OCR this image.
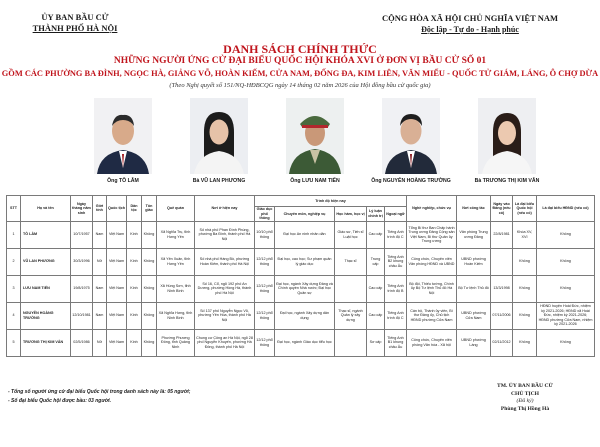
ỦY BAN BẦU CỬ
THÀNH PHỐ HÀ NỘI
CỘNG HÒA XÃ HỘI CHỦ NGHĨA VIỆT NAM
Độc lập - Tự do - Hạnh phúc
DANH SÁCH CHÍNH THỨC
NHỮNG NGƯỜI ỨNG CỬ ĐẠI BIỂU QUỐC HỘI KHÓA XVI Ở ĐƠN VỊ BẦU CỬ SỐ 01
GỒM CÁC PHƯỜNG BA ĐÌNH, NGỌC HÀ, GIẢNG VÕ, HOÀN KIẾM, CỬA NAM, ĐỐNG ĐA, KIM LIÊN, VĂN MIẾU - QUỐC TỬ GIÁM, LÁNG, Ô CHỢ DỪA
(Theo Nghị quyết số 151/NQ-HĐBCQG ngày 14 tháng 02 năm 2026 của Hội đồng bầu cử quốc gia)
Ông TÔ LÂM	Bà VŨ LAN PHƯƠNG	Ông LƯU NAM TIẾN	Ông NGUYỄN HOÀNG TRƯỜNG	Bà TRƯƠNG THỊ KIM VÂN
STT	Họ và tên	Ngày tháng năm sinh	Giới tính	Quốc tịch	Dân tộc	Tôn giáo	Quê quán	Nơi ở hiện nay	Trình độ hiện nay					Nghề nghiệp, chức vụ	Nơi công tác	Ngày vào Đảng (nếu có)	Là đại biểu Quốc hội (nếu có)	Là đại biểu HĐND (nếu có)
									Giáo dục phổ thông	Chuyên môn, nghiệp vụ	Học hàm, học vị	Lý luận chính trị	Ngoại ngữ					
1	TÔ LÂM	10/7/1957	Nam	Việt Nam	Kinh	Không	Xã Nghĩa Trụ, tỉnh Hưng Yên	Số nhà phố Phan Đình Phùng, phường Ba Đình, thành phố Hà Nội	10/10 phổ thông	Đại học An ninh nhân dân	Giáo sư, Tiến sĩ Luật học	Cao cấp	Tiếng Anh trình độ C	Tổng Bí thư Ban Chấp hành Trung ương Đảng Cộng sản Việt Nam, Bí thư Quân ủy Trung ương	Văn phòng Trung ương Đảng	22/8/1981	Khóa XV, XVI	Không
2	VŨ LAN PHƯƠNG	30/3/1996	Nữ	Việt Nam	Kinh	Không	Xã Yên Xuân, tỉnh Hưng Yên	Số nhà phố Hàng Bồ, phường Hoàn Kiếm, thành phố Hà Nội	12/12 phổ thông	Đại học, cao học; Sư phạm quản lý giáo dục	Thạc sĩ	Trung cấp	Tiếng Anh B2 khung châu Âu	Công chức, Chuyên viên Văn phòng HĐND và UBND	UBND phường Hoàn Kiếm		Không	Không
3	LƯU NAM TIẾN	19/8/1975	Nam	Việt Nam	Kinh	Không	Xã Hùng Sơn, tỉnh Ninh Bình	Số 16, Cổ, ngõ 192 phố An Dương, phường Hồng Hà, thành phố Hà Nội	12/12 phổ thông	Đại học, ngành Xây dựng Đảng và Chính quyền Nhà nước; Đại học Quân sự		Cao cấp	Tiếng Anh trình độ B	Bộ đội, Thiếu tướng, Chính ủy Bộ Tư lệnh Thủ đô Hà Nội	Bộ Tư lệnh Thủ đô	13/3/1998	Không	Không
4	NGUYỄN HOÀNG TRƯỜNG	12/10/1981	Nam	Việt Nam	Kinh	Không	Xã Nghĩa Hưng, tỉnh Ninh Bình	Số 137 phố Nguyễn Ngọc Vũ, phường Yên Hòa, thành phố Hà Nội	12/12 phổ thông	Đại học, ngành Xây dựng dân dụng	Thạc sĩ, ngành Quản lý xây dựng	Cao cấp	Tiếng Anh trình độ C	Cán bộ, Thành ủy viên, Bí thư Đảng ủy, Chủ tịch HĐND phường Cửa Nam	UBND phường Cửa Nam	07/11/2006	Không	HĐND huyện Hoài Đức, nhiệm kỳ 2021-2026; HĐND xã Hoài Đức, nhiệm kỳ 2021-2026; HĐND phường Cửa Nam, nhiệm kỳ 2021-2026
5	TRƯƠNG THỊ KIM VÂN	02/5/1986	Nữ	Việt Nam	Kinh	Không	Phường Phương Đông, tỉnh Quảng Ninh	Chung cư Công an Hà Nội, ngõ 28 phố Nguyễn Khuyến, phường Hà Đông, thành phố Hà Nội	12/12 phổ thông	Đại học, ngành Giáo dục tiểu học		Sơ cấp	Tiếng Anh B1 khung châu Âu	Công chức, Chuyên viên phòng Văn hóa - Xã hội	UBND phường Láng	02/11/2012	Không	Không
- Tổng số người ứng cử đại biểu Quốc hội trong danh sách này là: 05 người;
- Số đại biểu Quốc hội được bầu: 03 người.
TM. ỦY BAN BẦU CỬ
CHỦ TỊCH
(Đã ký)
Phùng Thị Hồng Hà
